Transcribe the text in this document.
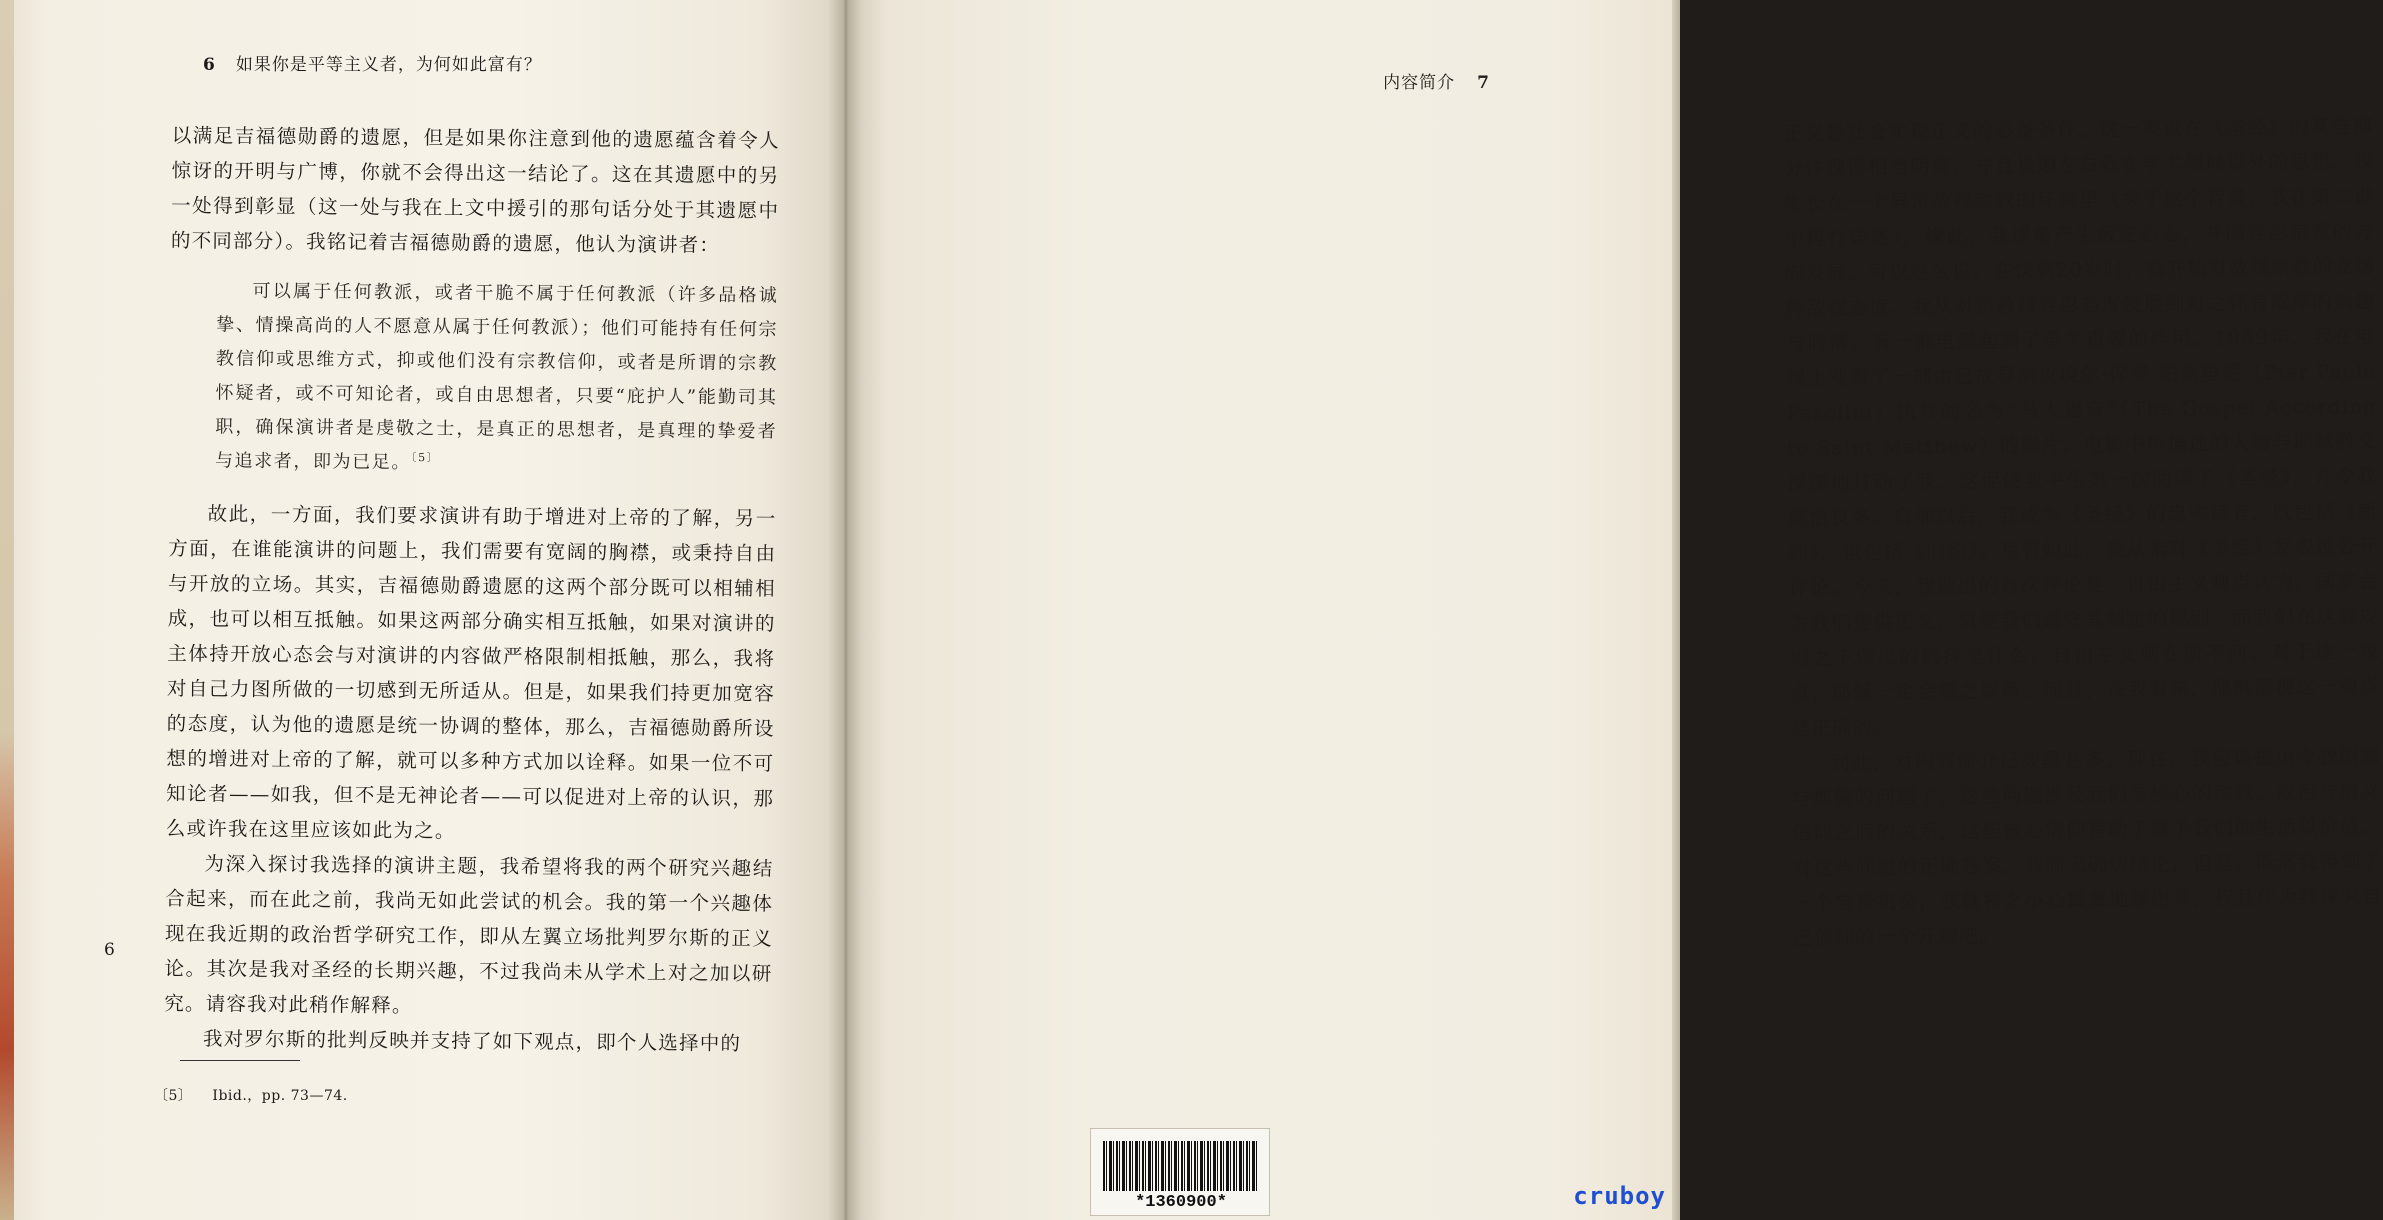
6 如果你是平等主义者，为何如此富有？

以满足吉福德勋爵的遗愿，但是如果你注意到他的遗愿蕴含着令人惊讶的开明与广博，你就不会得出这一结论了。这在其遗愿中的另一处得到彰显（这一处与我在上文中援引的那句话分处于其遗愿中的不同部分）。我铭记着吉福德勋爵的遗愿，他认为演讲者：

可以属于任何教派，或者干脆不属于任何教派（许多品格诚挚、情操高尚的人不愿意从属于任何教派）；他们可能持有任何宗教信仰或思维方式，抑或他们没有宗教信仰，或者是所谓的宗教怀疑者，或不可知论者，或自由思想者，只要“庇护人”能勤司其职，确保演讲者是虔敬之士，是真正的思想者，是真理的挚爱者与追求者，即为已足。$^{〔5〕}$

故此，一方面，我们要求演讲有助于增进对上帝的了解，另一方面，在谁能演讲的问题上，我们需要有宽阔的胸襟，或秉持自由与开放的立场。其实，吉福德勋爵遗愿的这两个部分既可以相辅相成，也可以相互抵触。如果这两部分确实相互抵触，如果对演讲的主体持开放心态会与对演讲的内容做严格限制相抵触，那么，我将对自己力图所做的一切感到无所适从。但是，如果我们持更加宽容的态度，认为他的遗愿是统一协调的整体，那么，吉福德勋爵所设想的增进对上帝的了解，就可以多种方式加以诠释。如果一位不可知论者——如我，但不是无神论者——可以促进对上帝的认识，那么或许我在这里应该如此为之。

为深入探讨我选择的演讲主题，我希望将我的两个研究兴趣结合起来，而在此之前，我尚无如此尝试的机会。我的第一个兴趣体现在我近期的政治哲学研究工作，即从左翼立场批判罗尔斯的正义论。其次是我对圣经的长期兴趣，不过我尚未从学术上对之加以研究。请容我对此稍作解释。

我对罗尔斯的批判反映并支持了如下观点，即个人选择中的

6
〔5〕 Ibid.，pp. 73—74.
内容简介 7

正义是社会实现正义的必备条件。这一观点在《圣经》的某些部分体现得相当明显，并且长期左右我在学术领域以外的思想。我生长在一个异常敌视宗教的环境里（关于这个背景，我在第二讲中再行详述），缘此，我逐渐产生叛逆心态，并向容忍宗教的方向发展。可以这么说，在快到20岁时，我开始对敌视宗教的立场持敌视态度。我从对宗教持容忍态度发展到对之怀有浓厚的兴趣与同情，有一部电影起到了至关重要的作用。1969年，我在电视上观看了一部由已故导演皮埃尔·保罗·帕索里尼（Pier Paolo Pasolini）执导的名为“马太福音”（The Gospel According to Saint Matthew）的影片。电影中所描述的人物与耶稣教义深深地打动了我，这促使我平生第一次阅读了《圣经》，并令我感悟良多。自那以后，我成为《圣经》的忠实读者，既包括《新约》，也包括《旧约》。尽管如此，我从未对《圣经》发表过公开评论。今天，我做出的首次评论是：自由主义观点认为，国家会为我们提供正义，只要我们遵守其制定的规则；而我们在这套规则之下做出的选择是什么，自由主义则在所不问。对于这一观点，耶稣一定会嗤之以鼻。而且，在我看来，耶稣鄙视这一观点是正确的。

到此，对内容简介已泼墨甚多。现在，我应该提出令我困惑与烦恼的问题了，这些问题涉及我们与核心的宗教、政治与道义信仰之间的关系，这些核心信仰有助于赋予我们的生活以价值。对这些问题的正确答案，我尚无确切结论，但是，既然我得到了一个宝贵机会，我就将之小心翼翼地提出来，权且作为我探究自己信仰的一个开端吧。

*1360900*	cruboy
